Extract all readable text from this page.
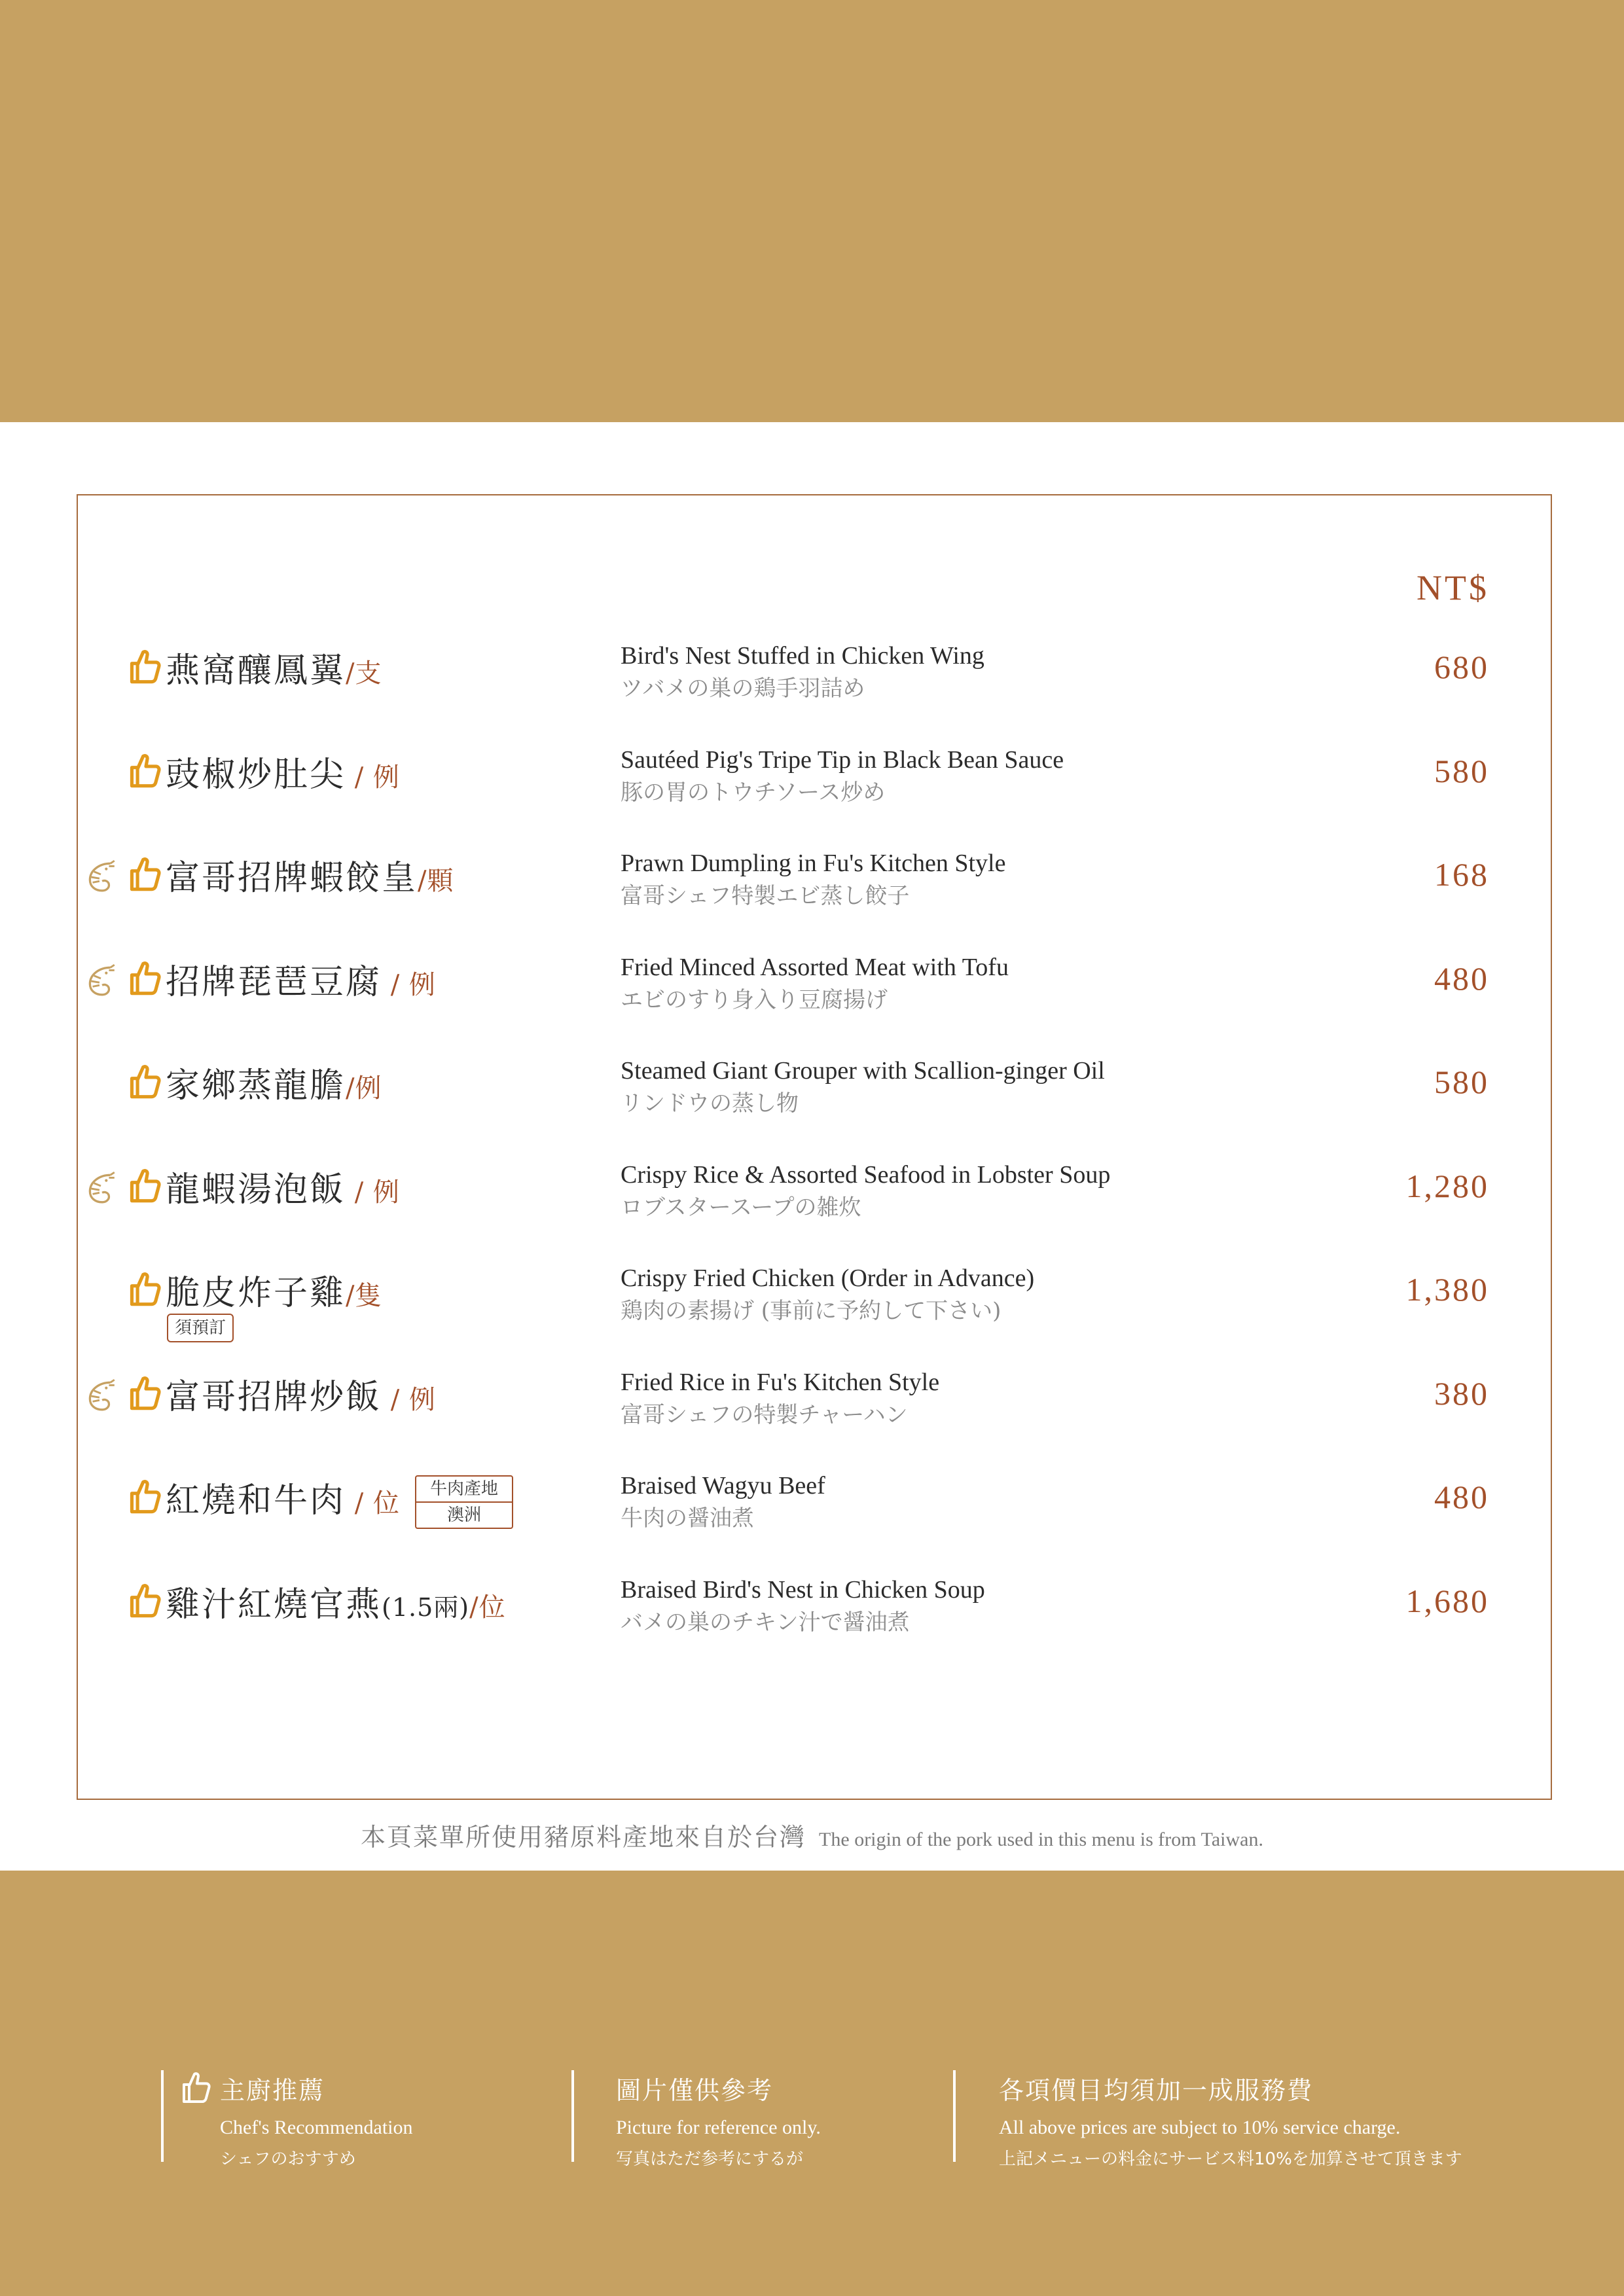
NT$
燕窩釀鳳翼/支
Bird's Nest Stuffed in Chicken Wing
ツバメの巣の鶏手羽詰め
680
豉椒炒肚尖 / 例
Sautéed Pig's Tripe Tip in Black Bean Sauce
豚の胃のトウチソース炒め
580
富哥招牌蝦餃皇/顆
Prawn Dumpling in Fu's Kitchen Style
富哥シェフ特製エビ蒸し餃子
168
招牌琵琶豆腐 / 例
Fried Minced Assorted Meat with Tofu
エビのすり身入り豆腐揚げ
480
家鄉蒸龍膽/例
Steamed Giant Grouper with Scallion-ginger Oil
リンドウの蒸し物
580
龍蝦湯泡飯 / 例
Crispy Rice & Assorted Seafood in Lobster Soup
ロブスタースープの雑炊
1,280
脆皮炸子雞/隻
須預訂
Crispy Fried Chicken (Order in Advance)
鶏肉の素揚げ (事前に予約して下さい)
1,380
富哥招牌炒飯 / 例
Fried Rice in Fu's Kitchen Style
富哥シェフの特製チャーハン
380
紅燒和牛肉 / 位	牛肉產地
澳洲
Braised Wagyu Beef
牛肉の醤油煮
480
雞汁紅燒官燕(1.5兩)/位
Braised Bird's Nest in Chicken Soup
バメの巣のチキン汁で醤油煮
1,680
本頁菜單所使用豬原料產地來自於台灣 The origin of the pork used in this menu is from Taiwan.
主廚推薦
Chef's Recommendation
シェフのおすすめ
圖片僅供參考
Picture for reference only.
写真はただ参考にするが
各項價目均須加一成服務費
All above prices are subject to 10% service charge.
上記メニューの料金にサービス料10%を加算させて頂きます
